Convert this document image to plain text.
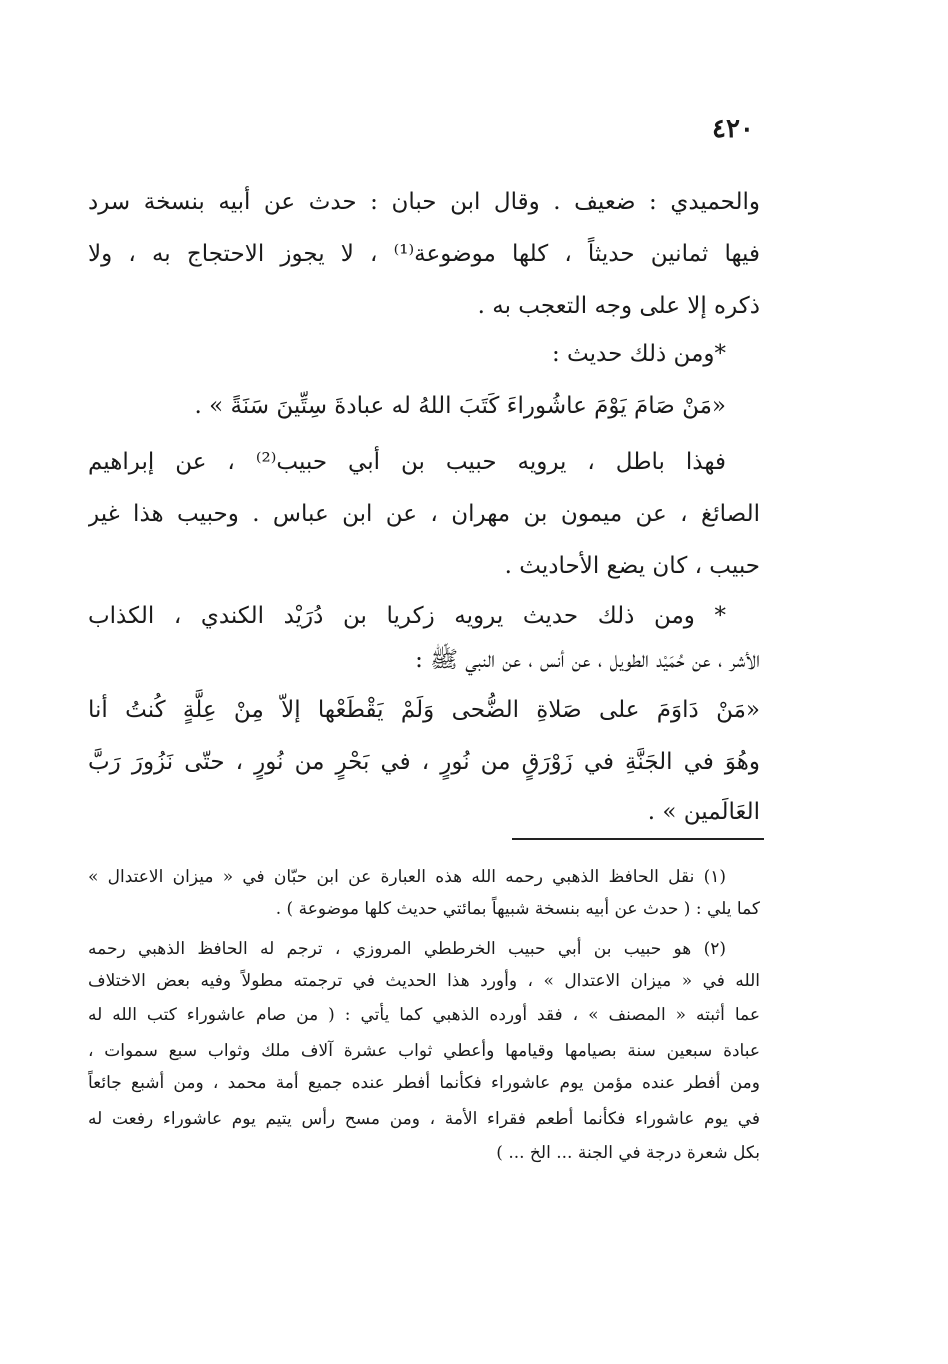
٤٢٠
والحميدي : ضعيف . وقال ابن حبان : حدث عن أبيه بنسخة سرد
فيها ثمانين حديثاً ، كلها موضوعة⁽¹⁾ ، لا يجوز الاحتجاج به ، ولا
ذكره إلا على وجه التعجب به .
*ومن ذلك حديث :
«مَنْ صَامَ يَوْمَ عاشُوراءَ كَتَبَ اللهُ له عبادةَ سِتِّينَ سَنَةً » .
فهذا باطل ، يرويه حبيب بن أبي حبيب⁽²⁾ ، عن إبراهيم
الصائغ ، عن ميمون بن مهران ، عن ابن عباس . وحبيب هذا غير
حبيب ، كان يضع الأحاديث .
* ومن ذلك حديث يرويه زكريا بن دُرَيْد الكندي ، الكذاب
الأشر ، عن حُمَيْد الطويل ، عن أنس ، عن النبي ﷺ :
«مَنْ دَاوَمَ على صَلاةِ الضُّحى وَلَمْ يَقْطَعْها إلاّ مِنْ عِلَّةٍ كُنتُ أنا
وهُوَ في الجَنَّةِ في زَوْرَقٍ من نُورٍ ، في بَحْرٍ من نُورٍ ، حتّى نَزُورَ رَبَّ
العَالَمين » .
(١) نقل الحافظ الذهبي رحمه الله هذه العبارة عن ابن حبّان في « ميزان الاعتدال »
كما يلي : ( حدث عن أبيه بنسخة شبيهاً بمائتي حديث كلها موضوعة ) .
(٢) هو حبيب بن أبي حبيب الخرططي المروزي ، ترجم له الحافظ الذهبي رحمه
الله في « ميزان الاعتدال » ، وأورد هذا الحديث في ترجمته مطولاً وفيه بعض الاختلاف
عما أثبته « المصنف » ، فقد أورده الذهبي كما يأتي : ( من صام عاشوراء كتب الله له
عبادة سبعين سنة بصيامها وقيامها وأعطي ثواب عشرة آلاف ملك وثواب سبع سموات ،
ومن أفطر عنده مؤمن يوم عاشوراء فكأنما أفطر عنده جميع أمة محمد ، ومن أشبع جائعاً
في يوم عاشوراء فكأنما أطعم فقراء الأمة ، ومن مسح رأس يتيم يوم عاشوراء رفعت له
بكل شعرة درجة في الجنة ... الخ ... )
